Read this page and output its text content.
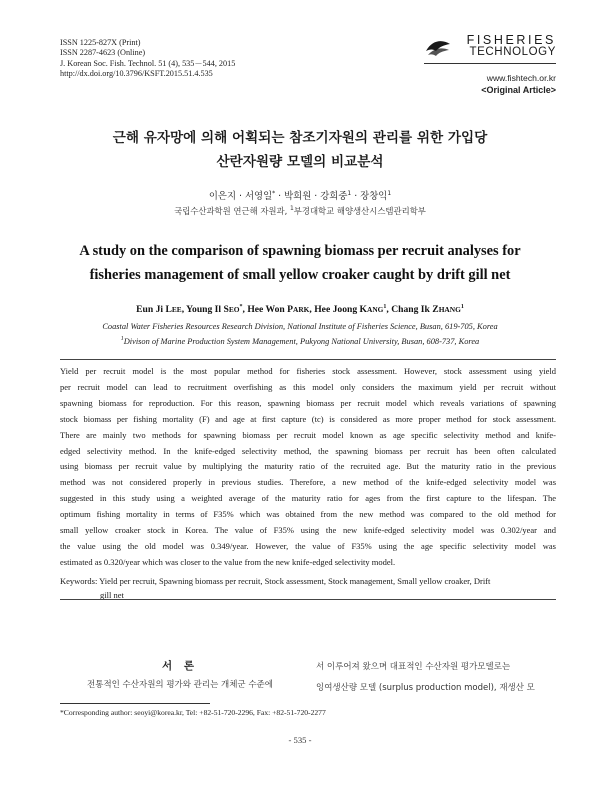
ISSN 1225-827X (Print)
ISSN 2287-4623 (Online)
J. Korean Soc. Fish. Technol. 51 (4), 535－544, 2015
http://dx.doi.org/10.3796/KSFT.2015.51.4.535
FISHERIES
TECHNOLOGY
www.fishtech.or.kr
<Original Article>
근해 유자망에 의해 어획되는 참조기자원의 관리를 위한 가입당
산란자원량 모델의 비교분석
이은지 · 서영일* · 박희원 · 강희중$^1$ · 장창익$^1$
국립수산과학원 연근해 자원과, $^1$부경대학교 해양생산시스템관리학부
A study on the comparison of spawning biomass per recruit analyses for
fisheries management of small yellow croaker caught by drift gill net
Eun Ji LEE, Young Il SEO*, Hee Won PARK, Hee Joong KANG$^1$, Chang Ik ZHANG$^1$
Coastal Water Fisheries Resources Research Division, National Institute of Fisheries Science, Busan, 619-705, Korea
$^1$Divison of Marine Production System Management, Pukyong National University, Busan, 608-737, Korea
Yield per recruit model is the most popular method for fisheries stock assessment. However, stock assessment using yield
per recruit model can lead to recruitment overfishing as this model only considers the maximum yield per recruit without
spawning biomass for reproduction. For this reason, spawning biomass per recruit model which reveals variations of spawning
stock biomass per fishing mortality (F) and age at first capture (tc) is considered as more proper method for stock assessment.
There are mainly two methods for spawning biomass per recruit model known as age specific selectivity method and knife-
edged selectivity method. In the knife-edged selectivity method, the spawning biomass per recruit has been often calculated
using biomass per recruit value by multiplying the maturity ratio of the recruited age. But the maturity ratio in the previous
method was not considered properly in previous studies. Therefore, a new method of the knife-edged selectivity model was
suggested in this study using a weighted average of the maturity ratio for ages from the first capture to the lifespan. The
optimum fishing mortality in terms of F35% which was obtained from the new method was compared to the old method for
small yellow croaker stock in Korea. The value of F35% using the new knife-edged selectivity model was 0.302/year and
the value using the old model was 0.349/year. However, the value of F35% using the age specific selectivity model was
estimated as 0.320/year which was closer to the value from the new knife-edged selectivity model.
Keywords: Yield per recruit, Spawning biomass per recruit, Stock assessment, Stock management, Small yellow croaker, Drift
gill net
서 론
전통적인 수산자원의 평가와 관리는 개체군 수준에
서 이루어져 왔으며 대표적인 수산자원 평가모델로는
잉여생산량 모델 (surplus production model), 재생산 모
*Corresponding author: seoyi@korea.kr, Tel: +82-51-720-2296, Fax: +82-51-720-2277
- 535 -
